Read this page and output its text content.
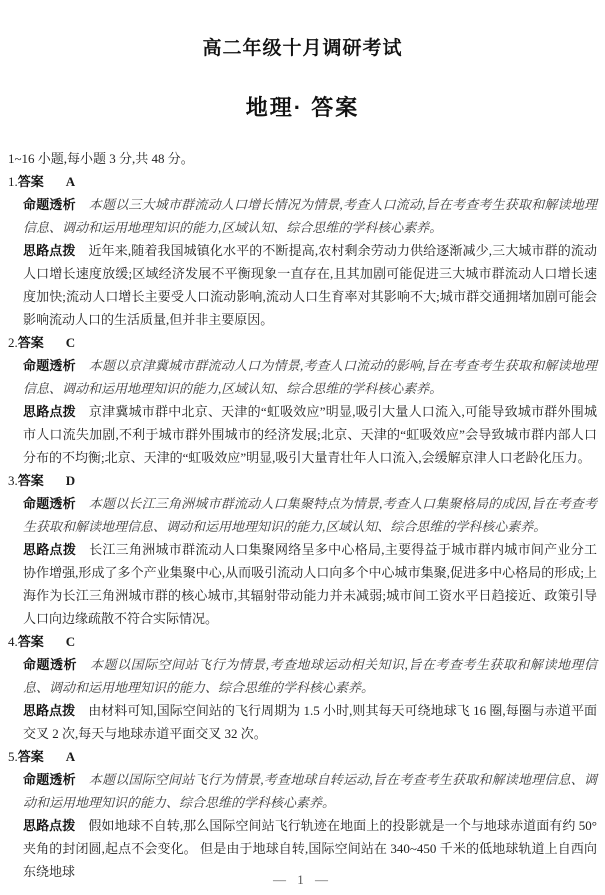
高二年级十月调研考试
地理· 答案
1~16 小题,每小题 3 分,共 48 分。
1.答案 A

命题透析 本题以三大城市群流动人口增长情况为情景,考查人口流动,旨在考查考生获取和解读地理信息、调动和运用地理知识的能力,区域认知、综合思维的学科核心素养。

思路点拨 近年来,随着我国城镇化水平的不断提高,农村剩余劳动力供给逐渐减少,三大城市群的流动人口增长速度放缓;区域经济发展不平衡现象一直存在,且其加剧可能促进三大城市群流动人口增长速度加快;流动人口增长主要受人口流动影响,流动人口生育率对其影响不大;城市群交通拥堵加剧可能会影响流动人口的生活质量,但并非主要原因。

2.答案 C

命题透析 本题以京津冀城市群流动人口为情景,考查人口流动的影响,旨在考查考生获取和解读地理信息、调动和运用地理知识的能力,区域认知、综合思维的学科核心素养。

思路点拨 京津冀城市群中北京、天津的“虹吸效应”明显,吸引大量人口流入,可能导致城市群外围城市人口流失加剧,不利于城市群外围城市的经济发展;北京、天津的“虹吸效应”会导致城市群内部人口分布的不均衡;北京、天津的“虹吸效应”明显,吸引大量青壮年人口流入,会缓解京津人口老龄化压力。

3.答案 D

命题透析 本题以长江三角洲城市群流动人口集聚特点为情景,考查人口集聚格局的成因,旨在考查考生获取和解读地理信息、调动和运用地理知识的能力,区域认知、综合思维的学科核心素养。

思路点拨 长江三角洲城市群流动人口集聚网络呈多中心格局,主要得益于城市群内城市间产业分工协作增强,形成了多个产业集聚中心,从而吸引流动人口向多个中心城市集聚,促进多中心格局的形成;上海作为长江三角洲城市群的核心城市,其辐射带动能力并未减弱;城市间工资水平日趋接近、政策引导人口向边缘疏散不符合实际情况。

4.答案 C

命题透析 本题以国际空间站飞行为情景,考查地球运动相关知识,旨在考查考生获取和解读地理信息、调动和运用地理知识的能力、综合思维的学科核心素养。

思路点拨 由材料可知,国际空间站的飞行周期为 1.5 小时,则其每天可绕地球飞 16 圈,每圈与赤道平面交叉 2 次,每天与地球赤道平面交叉 32 次。

5.答案 A

命题透析 本题以国际空间站飞行为情景,考查地球自转运动,旨在考查考生获取和解读地理信息、调动和运用地理知识的能力、综合思维的学科核心素养。

思路点拨 假如地球不自转,那么国际空间站飞行轨迹在地面上的投影就是一个与地球赤道面有约 50°夹角的封闭圆,起点不会变化。 但是由于地球自转,国际空间站在 340~450 千米的低地球轨道上自西向东绕地球

— 1 —
